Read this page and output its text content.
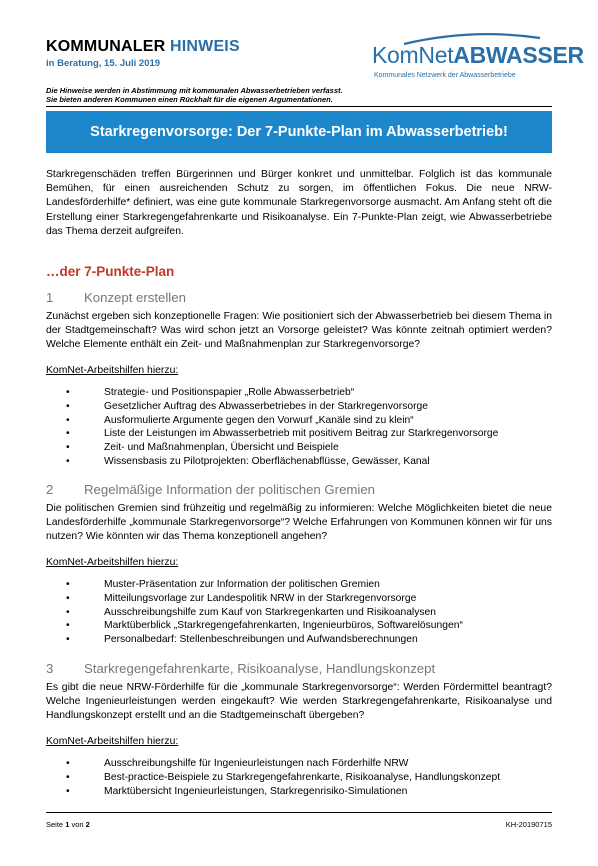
KOMMUNALER HINWEIS
in Beratung, 15. Juli 2019	KomNetABWASSER
Kommunales Netzwerk der Abwasserbetriebe
Die Hinweise werden in Abstimmung mit kommunalen Abwasserbetrieben verfasst.
Sie bieten anderen Kommunen einen Rückhalt für die eigenen Argumentationen.
Starkregenvorsorge: Der 7-Punkte-Plan im Abwasserbetrieb!
Starkregenschäden treffen Bürgerinnen und Bürger konkret und unmittelbar. Folglich ist das kommunale Bemühen, für einen ausreichenden Schutz zu sorgen, im öffentlichen Fokus. Die neue NRW-Landesförderhilfe* definiert, was eine gute kommunale Starkregenvorsorge ausmacht. Am Anfang steht oft die Erstellung einer Starkregengefahrenkarte und Risikoanalyse. Ein 7-Punkte-Plan zeigt, wie Abwasserbetriebe das Thema derzeit aufgreifen.
…der 7-Punkte-Plan
1 Konzept erstellen
Zunächst ergeben sich konzeptionelle Fragen: Wie positioniert sich der Abwasserbetrieb bei diesem Thema in der Stadtgemeinschaft? Was wird schon jetzt an Vorsorge geleistet? Was könnte zeitnah optimiert werden? Welche Elemente enthält ein Zeit- und Maßnahmenplan zur Starkregenvorsorge?
KomNet-Arbeitshilfen hierzu:
• Strategie- und Positionspapier „Rolle Abwasserbetrieb“
• Gesetzlicher Auftrag des Abwasserbetriebes in der Starkregenvorsorge
• Ausformulierte Argumente gegen den Vorwurf „Kanäle sind zu klein“
• Liste der Leistungen im Abwasserbetrieb mit positivem Beitrag zur Starkregenvorsorge
• Zeit- und Maßnahmenplan, Übersicht und Beispiele
• Wissensbasis zu Pilotprojekten: Oberflächenabflüsse, Gewässer, Kanal
2 Regelmäßige Information der politischen Gremien
Die politischen Gremien sind frühzeitig und regelmäßig zu informieren: Welche Möglichkeiten bietet die neue Landesförderhilfe „kommunale Starkregenvorsorge“? Welche Erfahrungen von Kommunen können wir für uns nutzen? Wie könnten wir das Thema konzeptionell angehen?
KomNet-Arbeitshilfen hierzu:
• Muster-Präsentation zur Information der politischen Gremien
• Mitteilungsvorlage zur Landespolitik NRW in der Starkregenvorsorge
• Ausschreibungshilfe zum Kauf von Starkregenkarten und Risikoanalysen
• Marktüberblick „Starkregengefahrenkarten, Ingenieurbüros, Softwarelösungen“
• Personalbedarf: Stellenbeschreibungen und Aufwandsberechnungen
3 Starkregengefahrenkarte, Risikoanalyse, Handlungskonzept
Es gibt die neue NRW-Förderhilfe für die „kommunale Starkregenvorsorge“: Werden Fördermittel beantragt? Welche Ingenieurleistungen werden eingekauft? Wie werden Starkregengefahrenkarte, Risikoanalyse und Handlungskonzept erstellt und an die Stadtgemeinschaft übergeben?
KomNet-Arbeitshilfen hierzu:
• Ausschreibungshilfe für Ingenieurleistungen nach Förderhilfe NRW
• Best-practice-Beispiele zu Starkregengefahrenkarte, Risikoanalyse, Handlungskonzept
• Marktübersicht Ingenieurleistungen, Starkregenrisiko-Simulationen
Seite 1 von 2	KH-20190715
